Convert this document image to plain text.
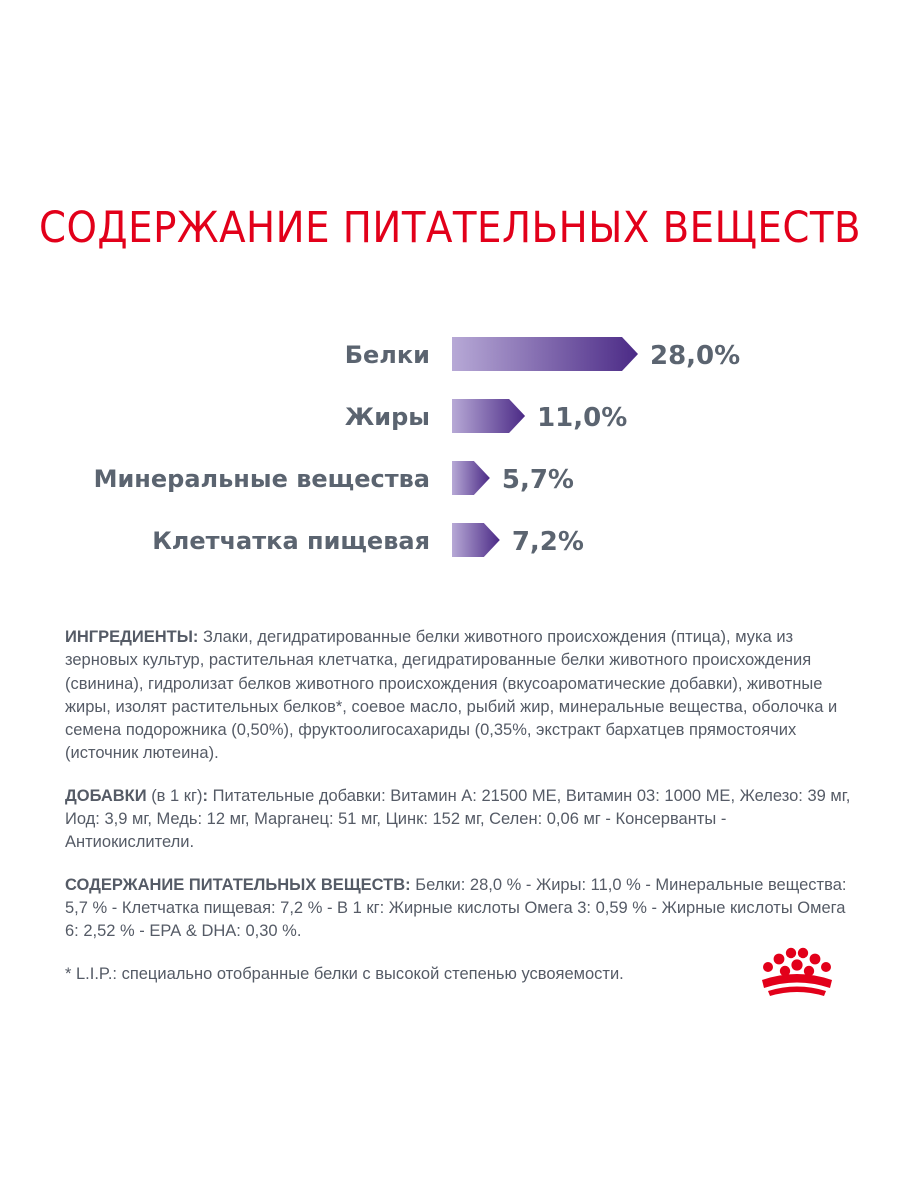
СОДЕРЖАНИЕ ПИТАТЕЛЬНЫХ ВЕЩЕСТВ
Белки	28,0%
Жиры	11,0%
Минеральные вещества	5,7%
Клетчатка пищевая	7,2%

ИНГРЕДИЕНТЫ: Злаки, дегидратированные белки животного происхождения (птица), мука из зерновых культур, растительная клетчатка, дегидратированные белки животного происхождения (свинина), гидролизат белков животного происхождения (вкусоароматические добавки), животные жиры, изолят растительных белков*, соевое масло, рыбий жир, минеральные вещества, оболочка и семена подорожника (0,50%), фруктоолигосахариды (0,35%, экстракт бархатцев прямостоячих (источник лютеина).

ДОБАВКИ (в 1 кг): Питательные добавки: Витамин А: 21500 МЕ, Витамин 03: 1000 МЕ, Железо: 39 мг, Иод: 3,9 мг, Медь: 12 мг, Марганец: 51 мг, Цинк: 152 мг, Селен: 0,06 мг - Консерванты - Антиокислители.

СОДЕРЖАНИЕ ПИТАТЕЛЬНЫХ ВЕЩЕСТВ: Белки: 28,0 % - Жиры: 11,0 % - Минеральные вещества: 5,7 % - Клетчатка пищевая: 7,2 % - В 1 кг: Жирные кислоты Омега 3: 0,59 % - Жирные кислоты Омега 6: 2,52 % - ЕРА & DHA: 0,30 %.

* L.I.P.: специально отобранные белки с высокой степенью усвояемости.
